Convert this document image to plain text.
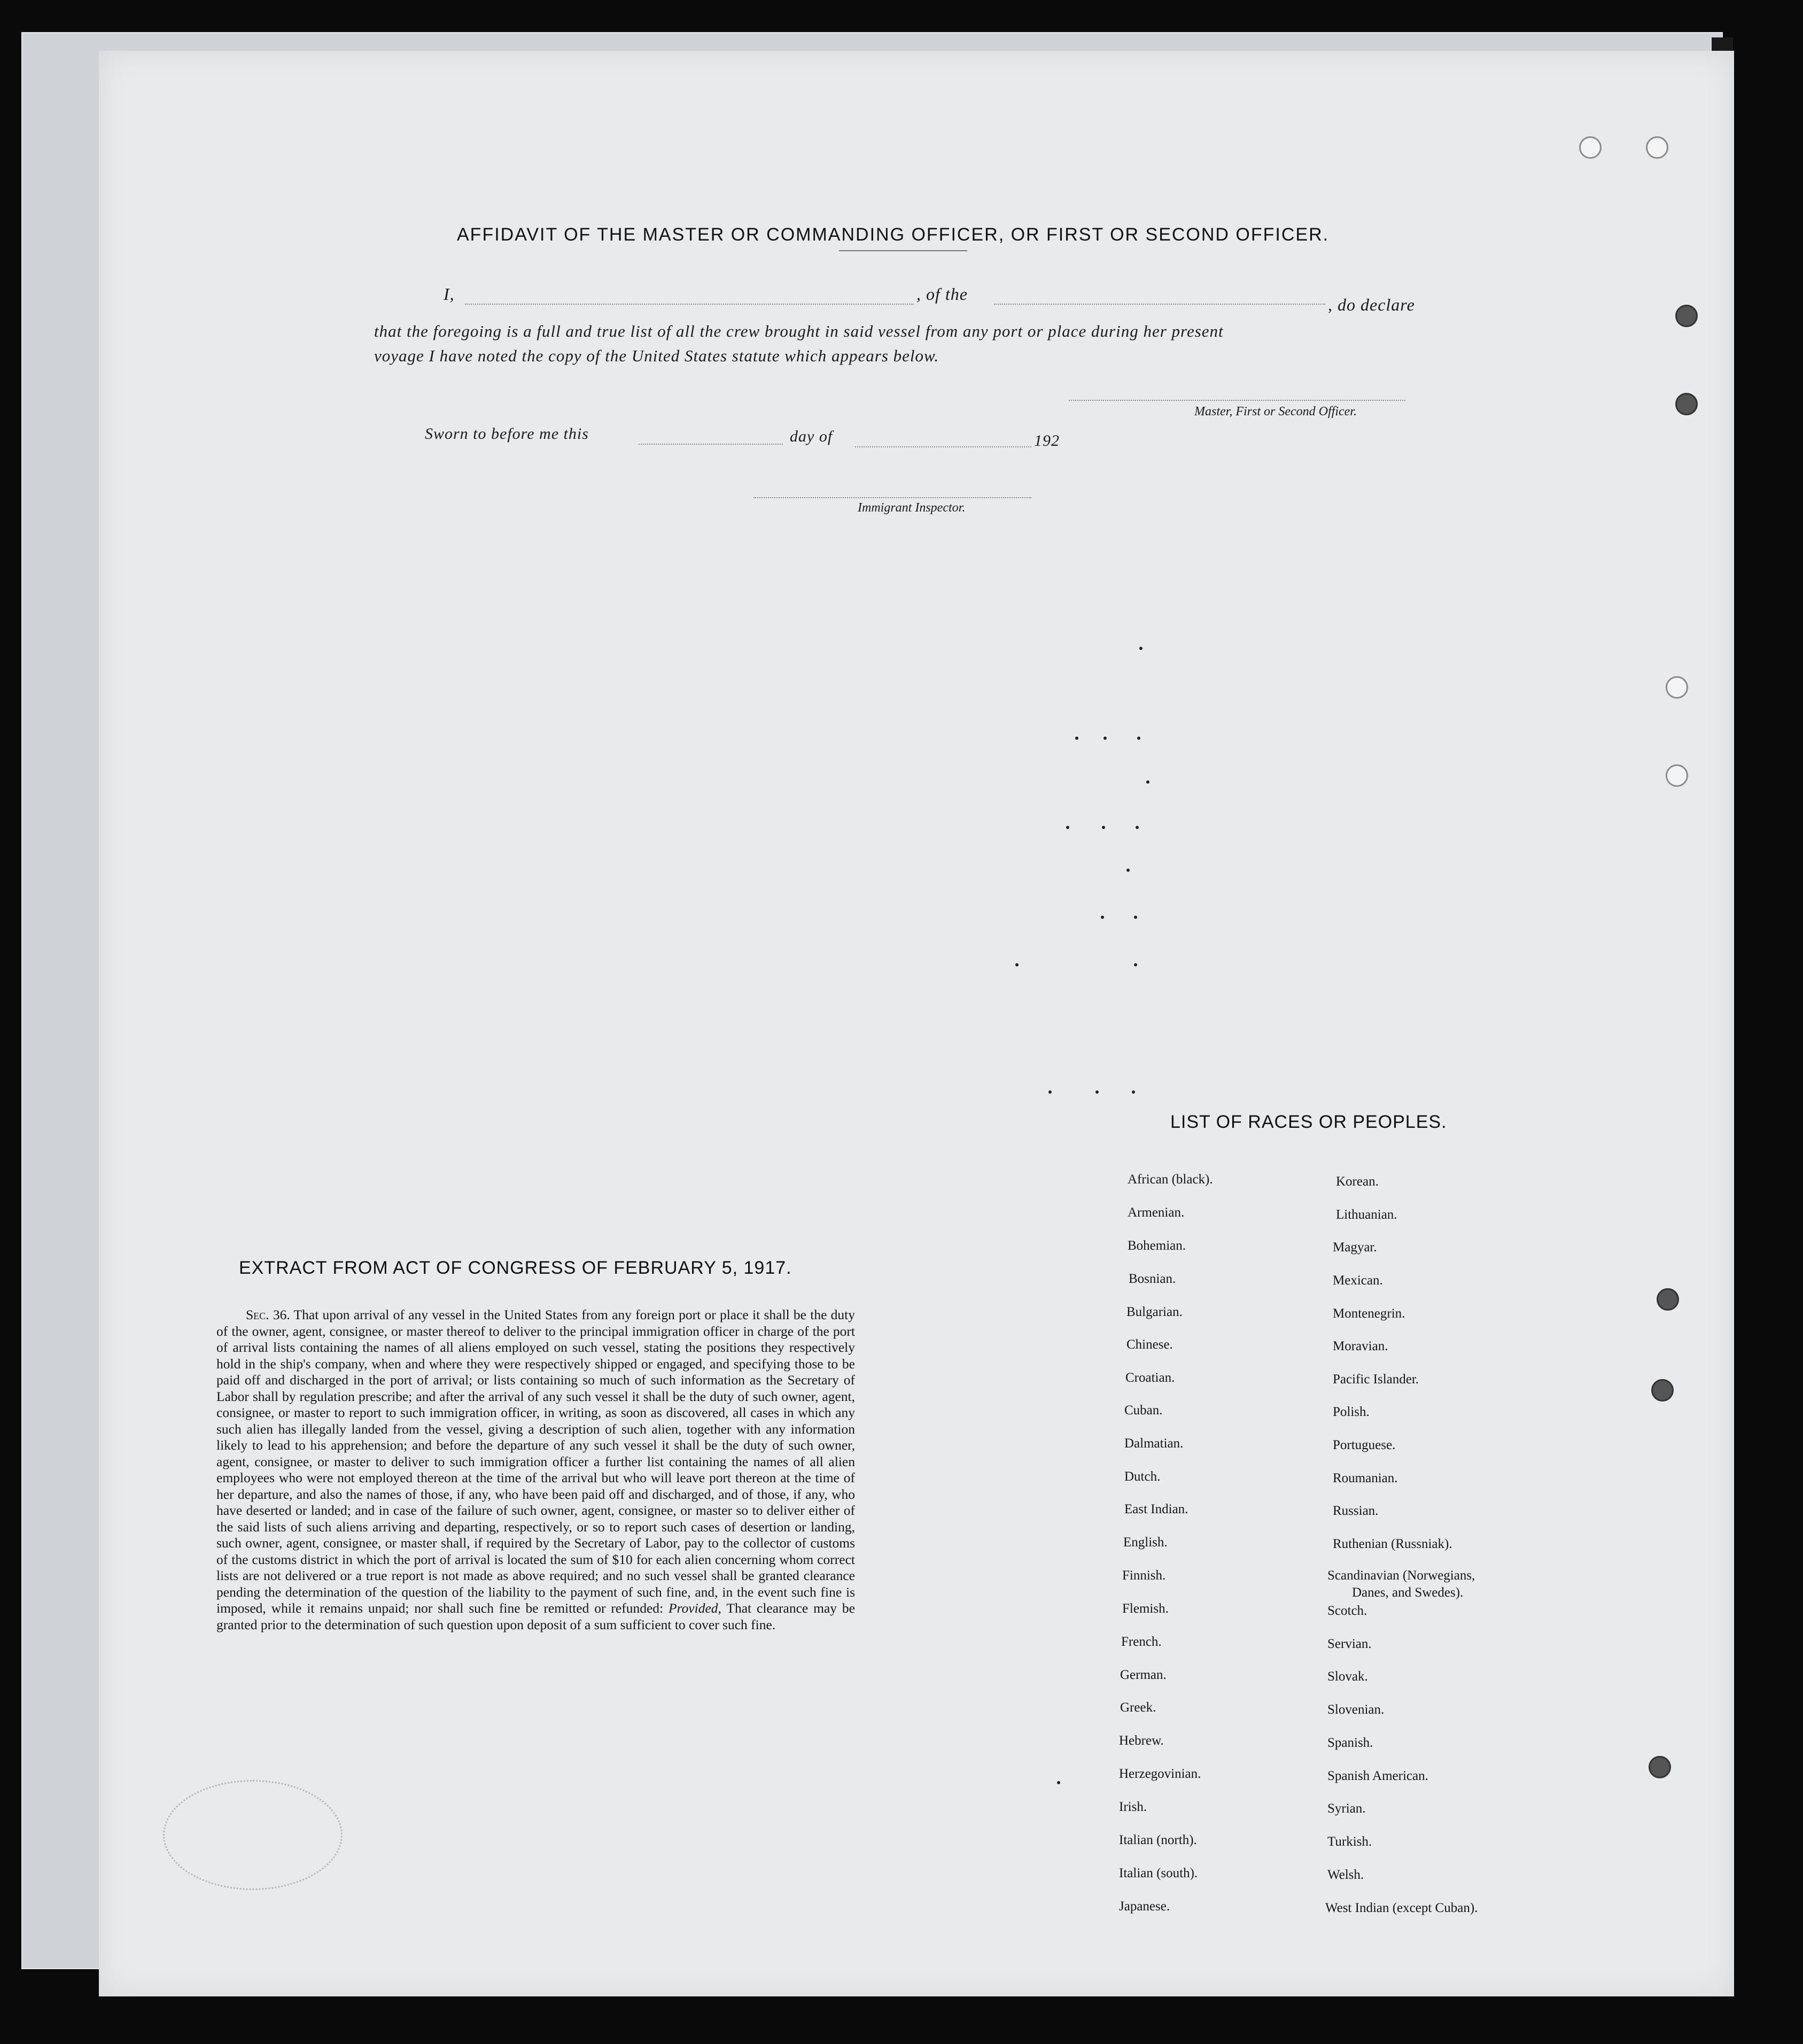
AFFIDAVIT OF THE MASTER OR COMMANDING OFFICER, OR FIRST OR SECOND OFFICER.
I,	, of the
, do declare
that the foregoing is a full and true list of all the crew brought in said vessel from any port or place during her present
voyage I have noted the copy of the United States statute which appears below.
Master, First or Second Officer.
Sworn to before me this	day of	192
Immigrant Inspector.
EXTRACT FROM ACT OF CONGRESS OF FEBRUARY 5, 1917.
Sec. 36. That upon arrival of any vessel in the United States from any foreign port or place it shall be the duty of the owner, agent, consignee, or master thereof to deliver to the principal immigration officer in charge of the port of arrival lists containing the names of all aliens employed on such vessel, stating the positions they respectively hold in the ship's company, when and where they were respectively shipped or engaged, and specifying those to be paid off and discharged in the port of arrival; or lists containing so much of such information as the Secretary of Labor shall by regulation prescribe; and after the arrival of any such vessel it shall be the duty of such owner, agent, consignee, or master to report to such immigration officer, in writing, as soon as discovered, all cases in which any such alien has illegally landed from the vessel, giving a description of such alien, together with any information likely to lead to his apprehension; and before the departure of any such vessel it shall be the duty of such owner, agent, consignee, or master to deliver to such immigration officer a further list containing the names of all alien employees who were not employed thereon at the time of the arrival but who will leave port thereon at the time of her departure, and also the names of those, if any, who have been paid off and discharged, and of those, if any, who have deserted or landed; and in case of the failure of such owner, agent, consignee, or master so to deliver either of the said lists of such aliens arriving and departing, respectively, or so to report such cases of desertion or landing, such owner, agent, consignee, or master shall, if required by the Secretary of Labor, pay to the collector of customs of the customs district in which the port of arrival is located the sum of $10 for each alien concerning whom correct lists are not delivered or a true report is not made as above required; and no such vessel shall be granted clearance pending the determination of the question of the liability to the payment of such fine, and, in the event such fine is imposed, while it remains unpaid; nor shall such fine be remitted or refunded: Provided, That clearance may be granted prior to the determination of such question upon deposit of a sum sufficient to cover such fine.
LIST OF RACES OR PEOPLES.
African (black).
Armenian.
Bohemian.
Bosnian.
Bulgarian.
Chinese.
Croatian.
Cuban.
Dalmatian.
Dutch.
East Indian.
English.
Finnish.
Flemish.
French.
German.
Greek.
Hebrew.
Herzegovinian.
Irish.
Italian (north).
Italian (south).
Japanese.
Korean.
Lithuanian.
Magyar.
Mexican.
Montenegrin.
Moravian.
Pacific Islander.
Polish.
Portuguese.
Roumanian.
Russian.
Ruthenian (Russniak).
Scandinavian (Norwegians,
Danes, and Swedes).
Scotch.
Servian.
Slovak.
Slovenian.
Spanish.
Spanish American.
Syrian.
Turkish.
Welsh.
West Indian (except Cuban).
